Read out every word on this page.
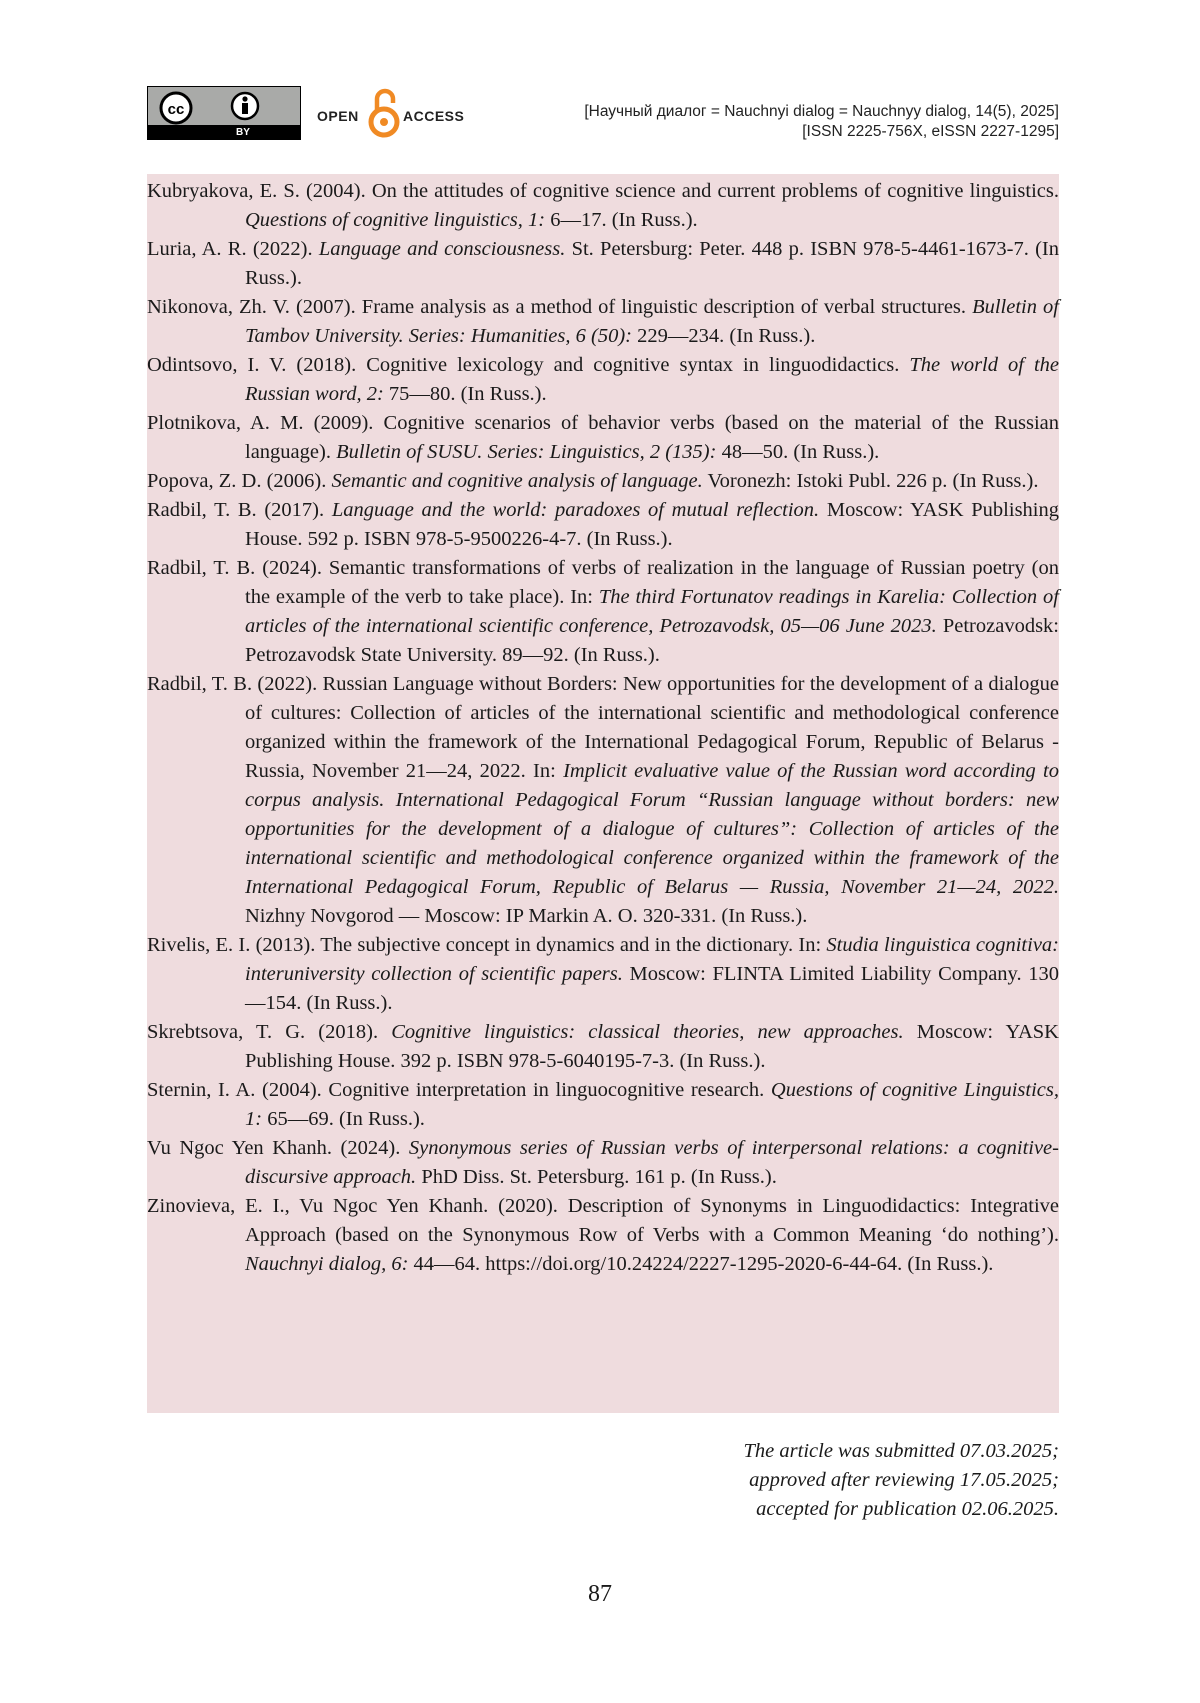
cc
BY
OPEN	ACCESS	[Научный диалог = Nauchnyi dialog = Nauchnyy dialog, 14(5), 2025]
[ISSN 2225-756X, eISSN 2227-1295]

Kubryakova, E. S. (2004). On the attitudes of cognitive science and current problems of cognitive linguistics. Questions of cognitive linguistics, 1: 6—17. (In Russ.).

Luria, A. R. (2022). Language and consciousness. St. Petersburg: Peter. 448 p. ISBN 978-5-4461-1673-7. (In Russ.).

Nikonova, Zh. V. (2007). Frame analysis as a method of linguistic description of verbal structures. Bulletin of Tambov University. Series: Humanities, 6 (50): 229—234. (In Russ.).

Odintsovo, I. V. (2018). Cognitive lexicology and cognitive syntax in linguodidactics. The world of the Russian word, 2: 75—80. (In Russ.).

Plotnikova, A. M. (2009). Cognitive scenarios of behavior verbs (based on the material of the Russian language). Bulletin of SUSU. Series: Linguistics, 2 (135): 48—50. (In Russ.).

Popova, Z. D. (2006). Semantic and cognitive analysis of language. Voronezh: Istoki Publ. 226 p. (In Russ.).

Radbil, T. B. (2017). Language and the world: paradoxes of mutual reflection. Moscow: YASK Publishing House. 592 p. ISBN 978-5-9500226-4-7. (In Russ.).

Radbil, T. B. (2024). Semantic transformations of verbs of realization in the language of Russian poetry (on the example of the verb to take place). In: The third Fortunatov readings in Karelia: Collection of articles of the international scientific conference, Petrozavodsk, 05—06 June 2023. Petrozavodsk: Petrozavodsk State University. 89—92. (In Russ.).

Radbil, T. B. (2022). Russian Language without Borders: New opportunities for the development of a dialogue of cultures: Collection of articles of the international scientific and methodological conference organized within the framework of the International Pedagogical Forum, Republic of Belarus - Russia, November 21—24, 2022. In: Implicit evaluative value of the Russian word according to corpus analysis. International Pedagogical Forum “Russian language without borders: new opportunities for the development of a dialogue of cultures”: Collection of articles of the international scientific and methodological conference organized within the framework of the International Pedagogical Forum, Republic of Belarus — Russia, November 21—24, 2022. Nizhny Novgorod — Moscow: IP Markin A. O. 320-331. (In Russ.).

Rivelis, E. I. (2013). The subjective concept in dynamics and in the dictionary. In: Studia linguistica cognitiva: interuniversity collection of scientific papers. Moscow: FLINTA Limited Liability Company. 130—154. (In Russ.).

Skrebtsova, T. G. (2018). Cognitive linguistics: classical theories, new approaches. Moscow: YASK Publishing House. 392 p. ISBN 978-5-6040195-7-3. (In Russ.).

Sternin, I. A. (2004). Cognitive interpretation in linguocognitive research. Questions of cognitive Linguistics, 1: 65—69. (In Russ.).

Vu Ngoc Yen Khanh. (2024). Synonymous series of Russian verbs of interpersonal relations: a cognitive-discursive approach. PhD Diss. St. Petersburg. 161 p. (In Russ.).

Zinovieva, E. I., Vu Ngoc Yen Khanh. (2020). Description of Synonyms in Linguodidactics: Integrative Approach (based on the Synonymous Row of Verbs with a Common Meaning ‘do nothing’). Nauchnyi dialog, 6: 44—64. https://doi.org/10.24224/2227-1295-2020-6-44-64. (In Russ.).

The article was submitted 07.03.2025;
approved after reviewing 17.05.2025;
accepted for publication 02.06.2025.
87
